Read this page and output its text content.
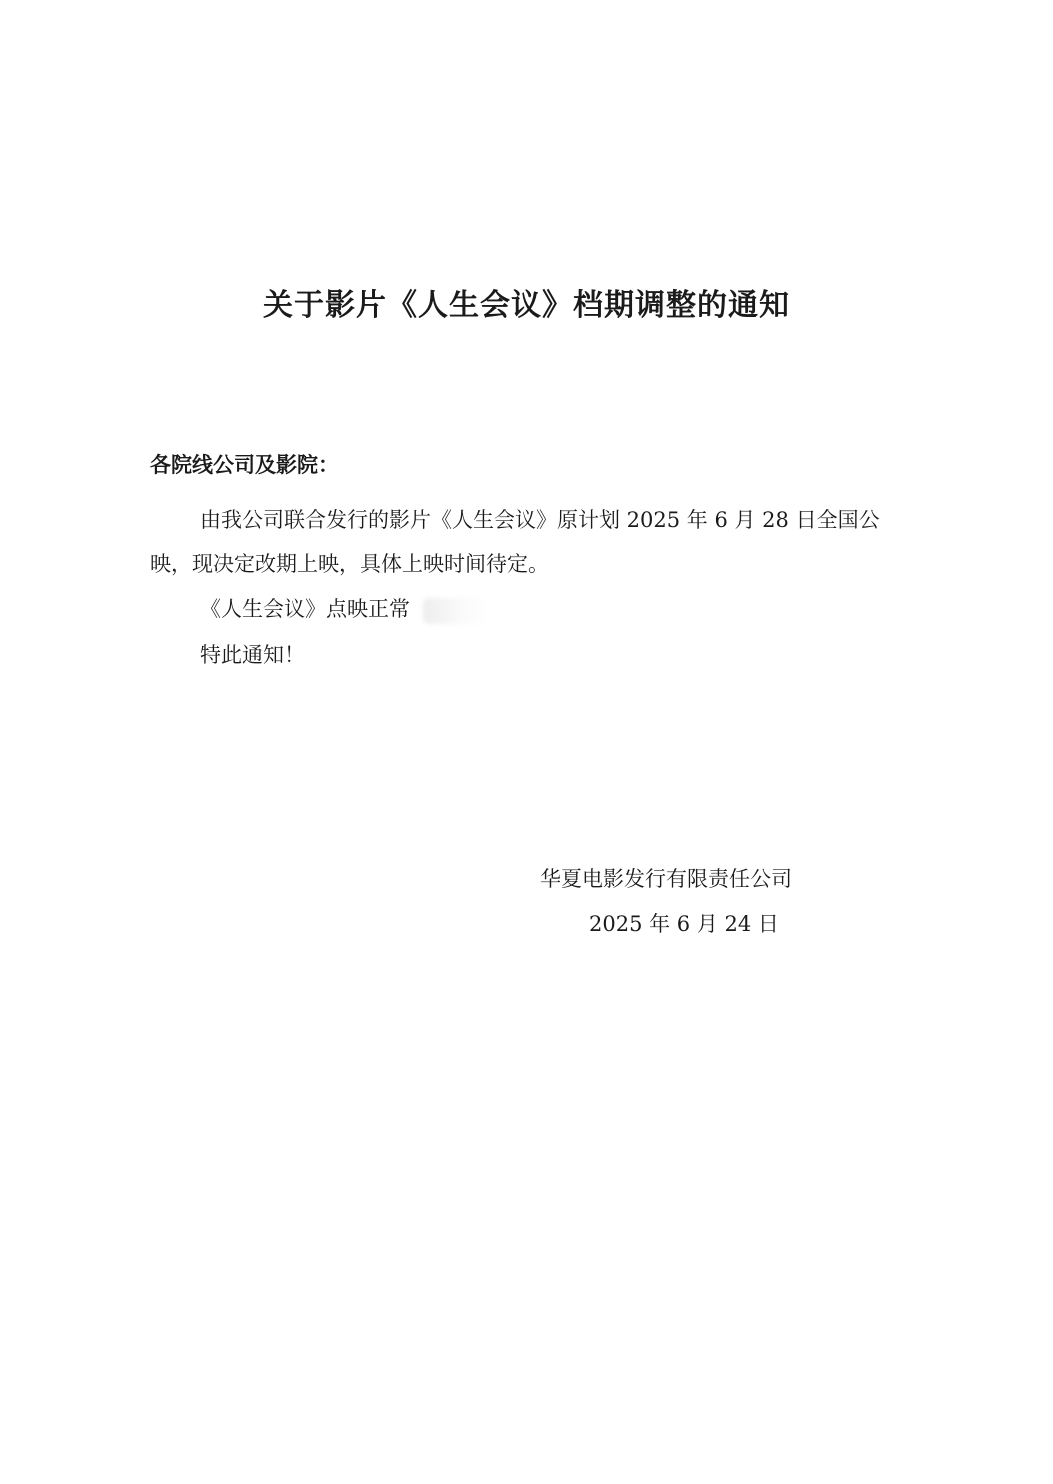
关于影片《人生会议》档期调整的通知
各院线公司及影院：
由我公司联合发行的影片《人生会议》原计划 2025 年 6 月 28 日全国公映，现决定改期上映，具体上映时间待定。
《人生会议》点映正常
特此通知！
华夏电影发行有限责任公司
2025 年 6 月 24 日
